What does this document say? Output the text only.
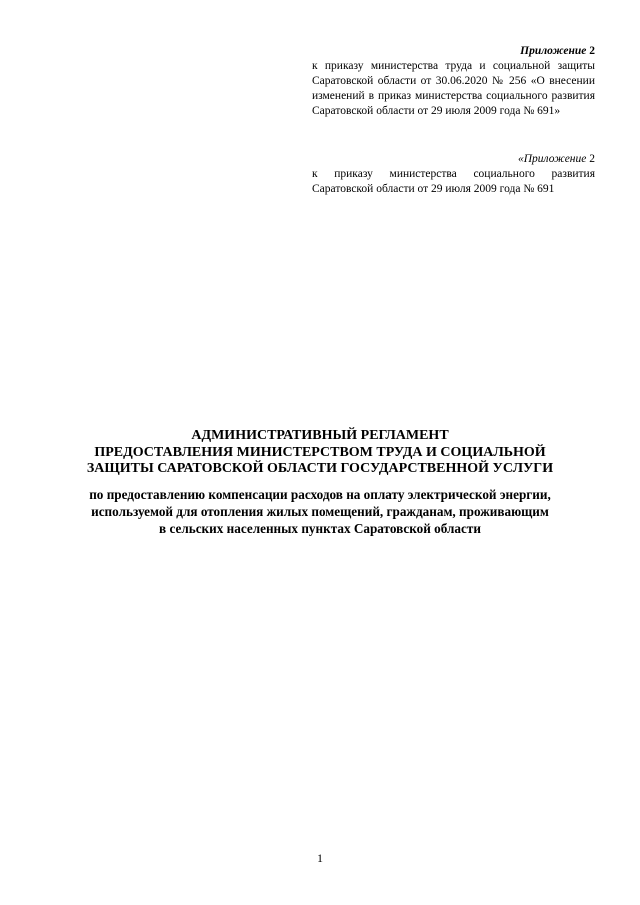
Приложение 2
к приказу министерства труда и социальной защиты Саратовской области от 30.06.2020 № 256 «О внесении изменений в приказ министерства социального развития Саратовской области от 29 июля 2009 года № 691»
«Приложение 2
к приказу министерства социального развития Саратовской области от 29 июля 2009 года № 691
АДМИНИСТРАТИВНЫЙ РЕГЛАМЕНТ
ПРЕДОСТАВЛЕНИЯ МИНИСТЕРСТВОМ ТРУДА И СОЦИАЛЬНОЙ
ЗАЩИТЫ САРАТОВСКОЙ ОБЛАСТИ ГОСУДАРСТВЕННОЙ УСЛУГИ
по предоставлению компенсации расходов на оплату электрической энергии,
используемой для отопления жилых помещений, гражданам, проживающим
в сельских населенных пунктах Саратовской области
1
